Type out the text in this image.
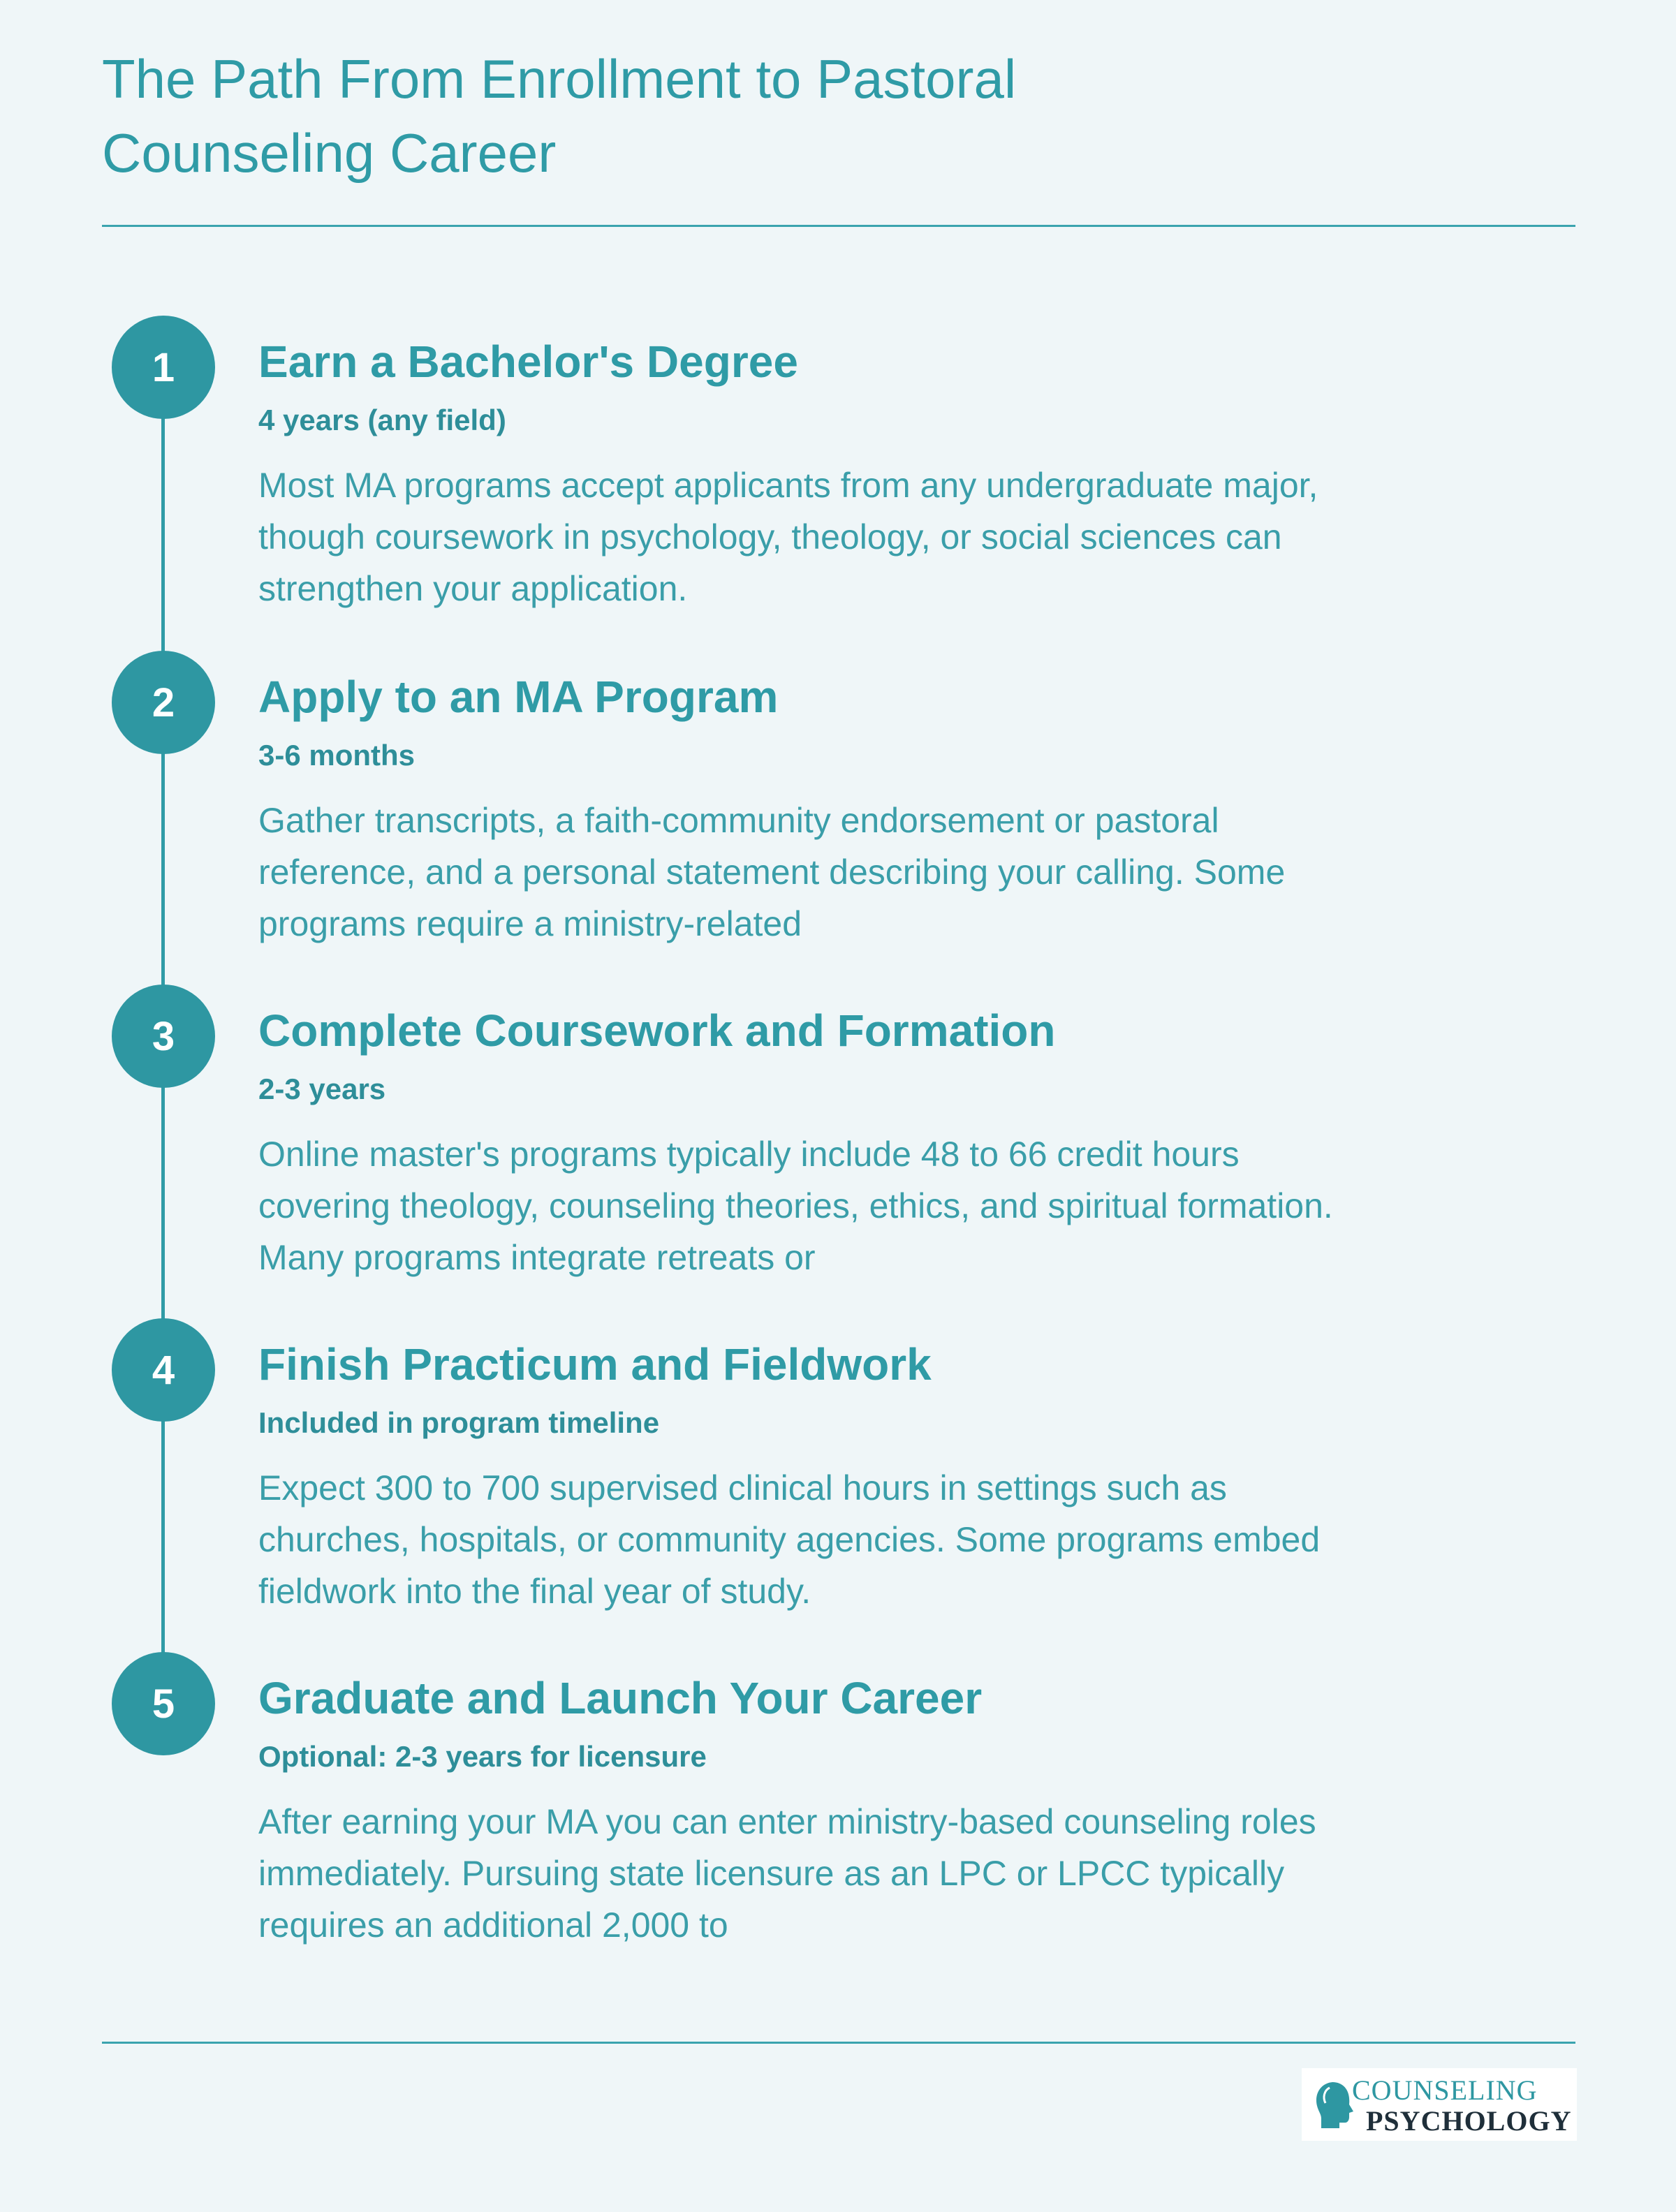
The Path From Enrollment to Pastoral Counseling Career
1	Earn a Bachelor's Degree
4 years (any field)

Most MA programs accept applicants from any undergraduate major, though coursework in psychology, theology, or social sciences can strengthen your application.

2	Apply to an MA Program
3-6 months

Gather transcripts, a faith-community endorsement or pastoral reference, and a personal statement describing your calling. Some programs require a ministry-related

3	Complete Coursework and Formation
2-3 years

Online master's programs typically include 48 to 66 credit hours covering theology, counseling theories, ethics, and spiritual formation. Many programs integrate retreats or

4	Finish Practicum and Fieldwork
Included in program timeline

Expect 300 to 700 supervised clinical hours in settings such as churches, hospitals, or community agencies. Some programs embed fieldwork into the final year of study.

5	Graduate and Launch Your Career
Optional: 2-3 years for licensure

After earning your MA you can enter ministry-based counseling roles immediately. Pursuing state licensure as an LPC or LPCC typically requires an additional 2,000 to

COUNSELING
PSYCHOLOGY
